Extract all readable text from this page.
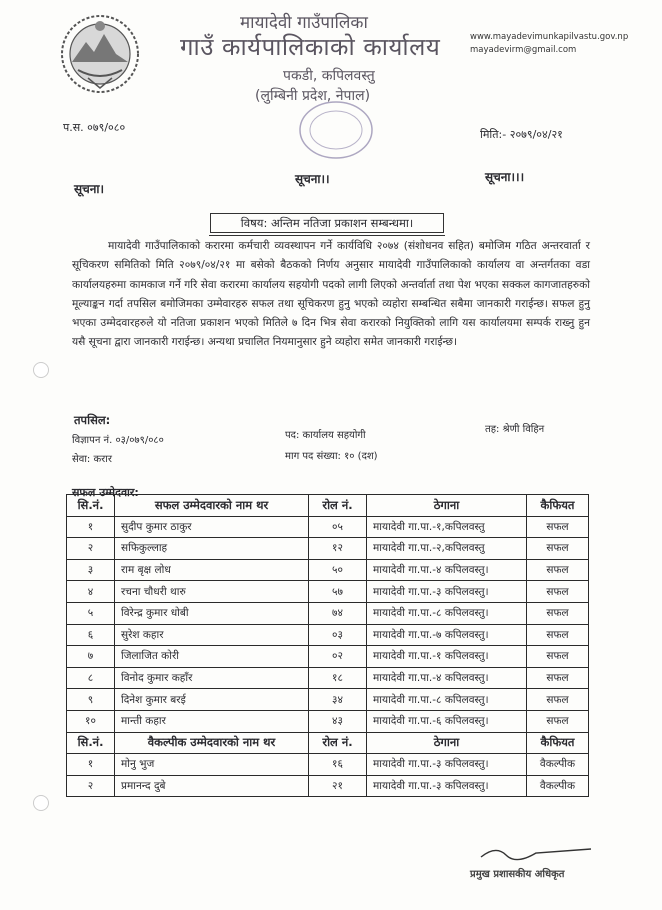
मायादेवी गाउँपालिका
गाउँ कार्यपालिकाको कार्यालय
पकडी, कपिलवस्तु
(लुम्बिनी प्रदेश, नेपाल)
www.mayadevimunkapilvastu.gov.np
mayadevirm@gmail.com
प.स. ०७९/०८०
मिति:- २०७९/०४/२१
सूचना।
सूचना।।	सूचना।।।
विषय: अन्तिम नतिजा प्रकाशन सम्बन्धमा।
मायादेवी गाउँपालिकाको करारमा कर्मचारी व्यवस्थापन गर्ने कार्यविधि २०७४ (संशोधनव सहित) बमोजिम गठित अन्तरवार्ता र सूचिकरण समितिको मिति २०७९/०४/२१ मा बसेको बैठकको निर्णय अनुसार मायादेवी गाउँपालिकाको कार्यालय वा अन्तर्गतका वडा कार्यालयहरुमा कामकाज गर्ने गरि सेवा करारमा कार्यालय सहयोगी पदको लागी लिएको अन्तर्वार्ता तथा पेश भएका सक्कल कागजातहरुको मूल्याङ्कन गर्दा तपसिल बमोजिमका उम्मेवारहरु सफल तथा सूचिकरण हुनु भएको व्यहोरा सम्बन्धित सबैमा जानकारी गराईन्छ। सफल हुनु भएका उम्मेदवारहरुले यो नतिजा प्रकाशन भएको मितिले ७ दिन भित्र सेवा करारको नियुक्तिको लागि यस कार्यालयमा सम्पर्क राख्नु हुन यसै सूचना द्वारा जानकारी गराईन्छ। अन्यथा प्रचालित नियमानुसार हुने व्यहोरा समेत जानकारी गराईन्छ।
तपसिल:
विज्ञापन नं. ०३/०७९/०८०
सेवा: करार
पद: कार्यालय सहयोगी
माग पद संख्या: १० (दश)
तह: श्रेणी विहिन
सफल उम्मेदवार:
सि.नं.	सफल उम्मेदवारको नाम थर	रोल नं.	ठेगाना	कैफियत
१	सुदीप कुमार ठाकुर	०५	मायादेवी गा.पा.-१,कपिलवस्तु	सफल
२	सफिकुल्लाह	१२	मायादेवी गा.पा.-२,कपिलवस्तु	सफल
३	राम बृक्ष लोध	५०	मायादेवी गा.पा.-४ कपिलवस्तु।	सफल
४	रचना चौधरी थारु	५७	मायादेवी गा.पा.-३ कपिलवस्तु।	सफल
५	विरेन्द्र कुमार धोबी	७४	मायादेवी गा.पा.-८ कपिलवस्तु।	सफल
६	सुरेश कहार	०३	मायादेवी गा.पा.-७ कपिलवस्तु।	सफल
७	जिलाजित कोरी	०२	मायादेवी गा.पा.-१ कपिलवस्तु।	सफल
८	विनोद कुमार कहाँर	१८	मायादेवी गा.पा.-४ कपिलवस्तु।	सफल
९	दिनेश कुमार बरई	३४	मायादेवी गा.पा.-८ कपिलवस्तु।	सफल
१०	मान्ती कहार	४३	मायादेवी गा.पा.-६ कपिलवस्तु।	सफल
सि.नं.	वैकल्पीक उम्मेदवारको नाम थर	रोल नं.	ठेगाना	कैफियत
१	मोनु भुज	१६	मायादेवी गा.पा.-३ कपिलवस्तु।	वैकल्पीक
२	प्रमानन्द दुबे	२१	मायादेवी गा.पा.-३ कपिलवस्तु।	वैकल्पीक
प्रमुख प्रशासकीय अधिकृत
